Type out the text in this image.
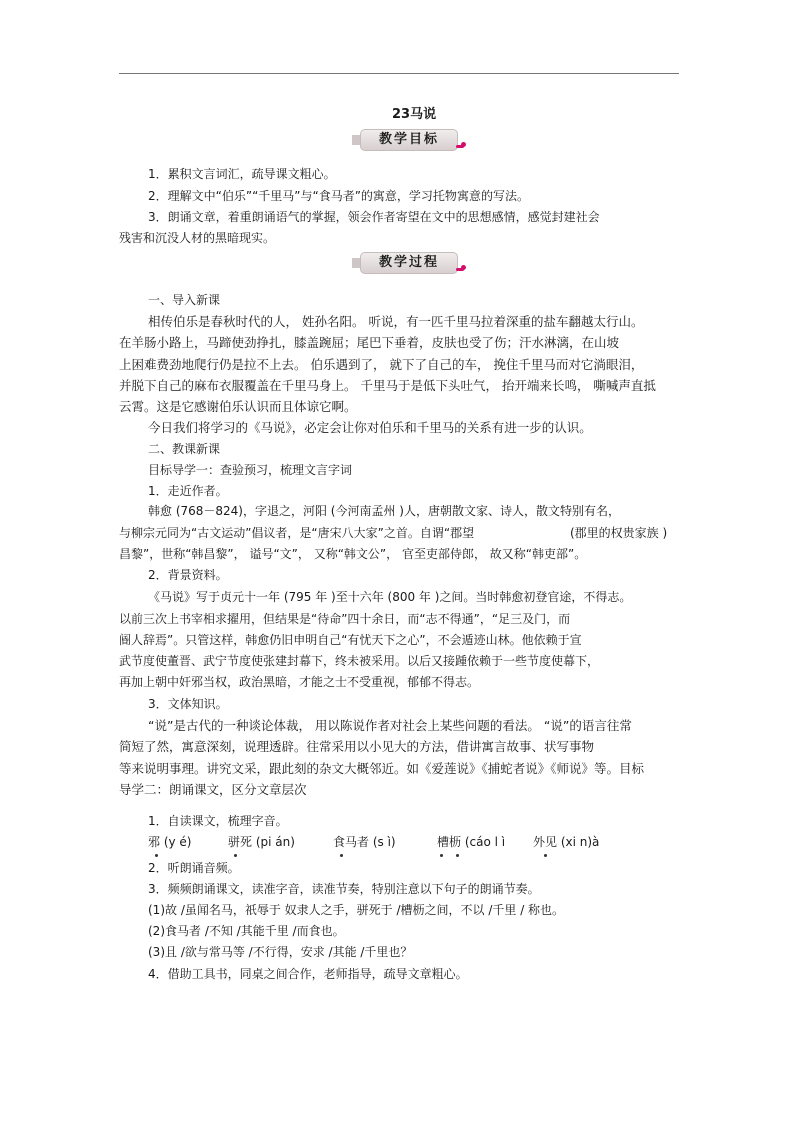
23马说
教学目标
1．累积文言词汇，疏导课文粗心。
2．理解文中“伯乐”“千里马”与“食马者”的寓意，学习托物寓意的写法。
3．朗诵文章，着重朗诵语气的掌握，领会作者寄望在文中的思想感情，感觉封建社会
残害和沉没人材的黑暗现实。
教学过程
一、导入新课
相传伯乐是春秋时代的人， 姓孙名阳。 听说，有一匹千里马拉着深重的盐车翻越太行山。
在羊肠小路上，马蹄使劲挣扎，膝盖踠屈；尾巴下垂着，皮肤也受了伤；汗水淋漓，在山坡
上困难费劲地爬行仍是拉不上去。 伯乐遇到了， 就下了自己的车， 挽住千里马而对它淌眼泪，
并脱下自己的麻布衣服覆盖在千里马身上。 千里马于是低下头吐气， 抬开端来长鸣， 嘶喊声直抵
云霄。这是它感谢伯乐认识而且体谅它啊。
今日我们将学习的《马说》，必定会让你对伯乐和千里马的关系有进一步的认识。
二、教课新课
目标导学一：查验预习，梳理文言字词
1．走近作者。
韩愈 (768－824)，字退之，河阳 (今河南孟州 )人，唐朝散文家、诗人，散文特别有名，
与柳宗元同为“古文运动”倡议者，是“唐宋八大家”之首。自谓“郡望	(郡里的权贵家族 )
昌黎”，世称“韩昌黎”， 谥号“文”， 又称“韩文公”， 官至吏部侍郎， 故又称“韩吏部”。
2．背景资料。
《马说》写于贞元十一年 (795 年 )至十六年 (800 年 )之间。当时韩愈初登官途，不得志。
以前三次上书宰相求擢用，但结果是“待命”四十余日，而“志不得通”，“足三及门，而
阍人辞焉”。只管这样，韩愈仍旧申明自己“有忧天下之心”，不会遁迹山林。他依赖于宣
武节度使董晋、武宁节度使张建封幕下，终未被采用。以后又接踵依赖于一些节度使幕下，
再加上朝中奸邪当权，政治黑暗，才能之士不受重视，郁郁不得志。
3．文体知识。
“说”是古代的一种谈论体裁， 用以陈说作者对社会上某些问题的看法。 “说”的语言往常
简短了然，寓意深刻，说理透辟。往常采用以小见大的方法，借讲寓言故事、状写事物
等来说明事理。讲究文采，跟此刻的杂文大概邻近。如《爱莲说》《捕蛇者说》《师说》等。目标
导学二：朗诵课文，区分文章层次
1．自读课文，梳理字音。
邪 (y é)	骈死 (pi án)	食马者 (s ì)	槽枥 (cáo l ì 外见 (xi n)à
2．听朗诵音频。
3．频频朗诵课文，读准字音，读准节奏，特别注意以下句子的朗诵节奏。
(1)故 /虽闻名马，祇辱于 奴隶人之手，骈死于 /槽枥之间，不以 /千里 / 称也。
(2)食马者 /不知 /其能千里 /而食也。
(3)且 /欲与常马等 /不行得，安求 /其能 /千里也？
4．借助工具书，同桌之间合作，老师指导，疏导文章粗心。
